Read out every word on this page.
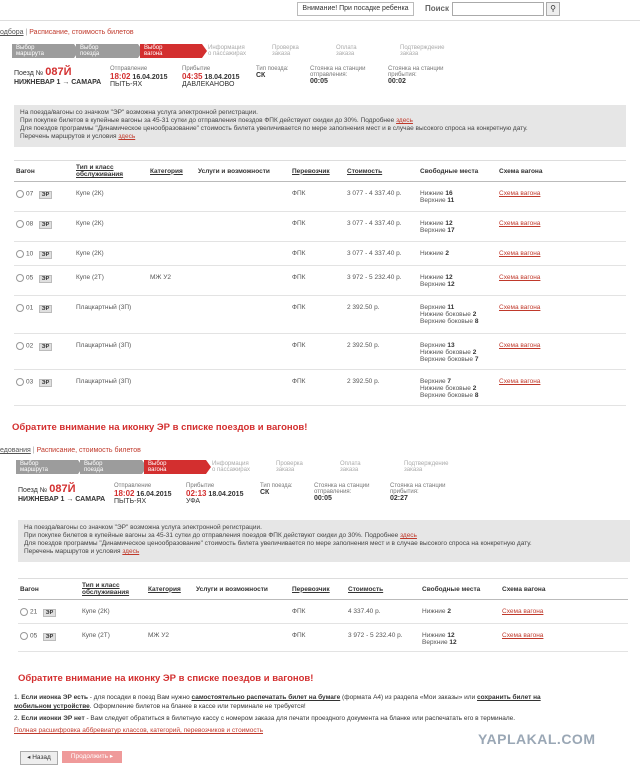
Внимание! При посадке ребенка	Поиск	⚲
одбора | Расписание, стоимость билетов
Выбор
маршрута
Выбор
поезда
Выбор
вагона
Информация
о пассажирах
Проверка
заказа
Оплата
заказа
Подтверждение
заказа
Поезд № 087Й
НИЖНЕВАР 1 → САМАРА
Отправление
18:02 16.04.2015
ПЫТЬ-ЯХ
Прибытие
04:35 18.04.2015
ДАВЛЕКАНОВО
Тип поезда:
СК
Стоянка на станции отправления:
00:05
Стоянка на станции прибытия:
00:02
На поезда/вагоны со значком "ЭР" возможна услуга электронной регистрации.
При покупке билетов в купейные вагоны за 45-31 сутки до отправления поездов ФПК действуют скидки до 30%. Подробнее здесь
Для поездов программы "Динамическое ценообразование" стоимость билета увеличивается по мере заполнения мест и в случае высокого спроса на конкретную дату.
Перечень маршрутов и условия здесь
Вагон	Тип и класс обслуживания	Категория	Услуги и возможности	Перевозчик	Стоимость	Свободные места	Схема вагона
07 ЭР	Купе (2К)			ФПК	3 077 - 4 337.40 р.	Нижние 16
Верхние 11	Схема вагона
08 ЭР	Купе (2К)			ФПК	3 077 - 4 337.40 р.	Нижние 12
Верхние 17	Схема вагона
10 ЭР	Купе (2К)			ФПК	3 077 - 4 337.40 р.	Нижние 2	Схема вагона
05 ЭР	Купе (2Т)	МЖ У2		ФПК	3 972 - 5 232.40 р.	Нижние 12
Верхние 12	Схема вагона
01 ЭР	Плацкартный (3П)			ФПК	2 392.50 р.	Верхние 11
Нижние боковые 2
Верхние боковые 8	Схема вагона
02 ЭР	Плацкартный (3П)			ФПК	2 392.50 р.	Верхние 13
Нижние боковые 2
Верхние боковые 7	Схема вагона
03 ЭР	Плацкартный (3П)			ФПК	2 392.50 р.	Верхние 7
Нижние боковые 2
Верхние боковые 8	Схема вагона
Обратите внимание на иконку ЭР в списке поездов и вагонов!
едования | Расписание, стоимость билетов
Выбор
маршрута
Выбор
поезда
Выбор
вагона
Информация
о пассажирах
Проверка
заказа
Оплата
заказа
Подтверждение
заказа
Поезд № 087Й
НИЖНЕВАР 1 → САМАРА
Отправление
18:02 16.04.2015
ПЫТЬ-ЯХ
Прибытие
02:13 18.04.2015
УФА
Тип поезда:
СК
Стоянка на станции отправления:
00:05
Стоянка на станции прибытия:
02:27
На поезда/вагоны со значком "ЭР" возможна услуга электронной регистрации.
При покупке билетов в купейные вагоны за 45-31 сутки до отправления поездов ФПК действуют скидки до 30%. Подробнее здесь
Для поездов программы "Динамическое ценообразование" стоимость билета увеличивается по мере заполнения мест и в случае высокого спроса на конкретную дату.
Перечень маршрутов и условия здесь
Вагон	Тип и класс обслуживания	Категория	Услуги и возможности	Перевозчик	Стоимость	Свободные места	Схема вагона
21 ЭР	Купе (2К)			ФПК	4 337.40 р.	Нижние 2	Схема вагона
05 ЭР	Купе (2Т)	МЖ У2		ФПК	3 972 - 5 232.40 р.	Нижние 12
Верхние 12	Схема вагона
Обратите внимание на иконку ЭР в списке поездов и вагонов!
1. Если иконка ЭР есть - для посадки в поезд Вам нужно самостоятельно распечатать билет на бумаге (формата А4) из раздела «Мои заказы» или сохранить билет на мобильном устройстве. Оформление билетов на бланке в кассе или терминале не требуется!
2. Если иконки ЭР нет - Вам следует обратиться в билетную кассу с номером заказа для печати проездного документа на бланке или распечатать его в терминале.
Полная расшифровка аббревиатур классов, категорий, перевозчиков и стоимость
◂ Назад	Продолжить ▸
YAPLAKAL.COM
